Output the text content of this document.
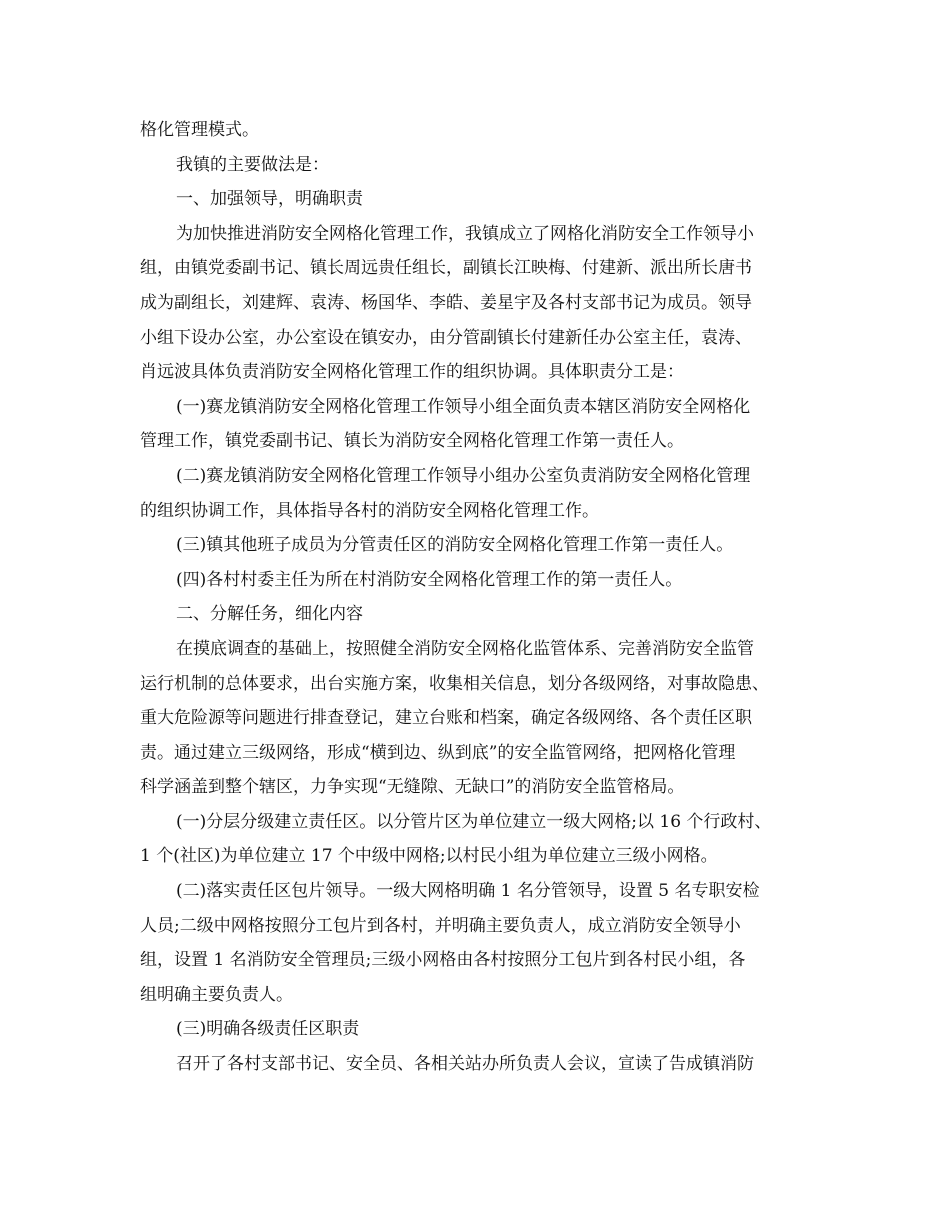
格化管理模式。
我镇的主要做法是：
一、加强领导，明确职责
为加快推进消防安全网格化管理工作，我镇成立了网格化消防安全工作领导小
组，由镇党委副书记、镇长周远贵任组长，副镇长江映梅、付建新、派出所长唐书
成为副组长，刘建辉、袁涛、杨国华、李皓、姜星宇及各村支部书记为成员。领导
小组下设办公室，办公室设在镇安办，由分管副镇长付建新任办公室主任，袁涛、
肖远波具体负责消防安全网格化管理工作的组织协调。具体职责分工是：
(一)赛龙镇消防安全网格化管理工作领导小组全面负责本辖区消防安全网格化
管理工作，镇党委副书记、镇长为消防安全网格化管理工作第一责任人。
(二)赛龙镇消防安全网格化管理工作领导小组办公室负责消防安全网格化管理
的组织协调工作，具体指导各村的消防安全网格化管理工作。
(三)镇其他班子成员为分管责任区的消防安全网格化管理工作第一责任人。
(四)各村村委主任为所在村消防安全网格化管理工作的第一责任人。
二、分解任务，细化内容
在摸底调查的基础上，按照健全消防安全网格化监管体系、完善消防安全监管
运行机制的总体要求，出台实施方案，收集相关信息，划分各级网络，对事故隐患、
重大危险源等问题进行排查登记，建立台账和档案，确定各级网络、各个责任区职
责。通过建立三级网络，形成“横到边、纵到底”的安全监管网络，把网格化管理
科学涵盖到整个辖区，力争实现“无缝隙、无缺口”的消防安全监管格局。
(一)分层分级建立责任区。以分管片区为单位建立一级大网格;以 16 个行政村、
1 个(社区)为单位建立 17 个中级中网格;以村民小组为单位建立三级小网格。
(二)落实责任区包片领导。一级大网格明确 1 名分管领导，设置 5 名专职安检
人员;二级中网格按照分工包片到各村，并明确主要负责人，成立消防安全领导小
组，设置 1 名消防安全管理员;三级小网格由各村按照分工包片到各村民小组，各
组明确主要负责人。
(三)明确各级责任区职责
召开了各村支部书记、安全员、各相关站办所负责人会议，宣读了告成镇消防
